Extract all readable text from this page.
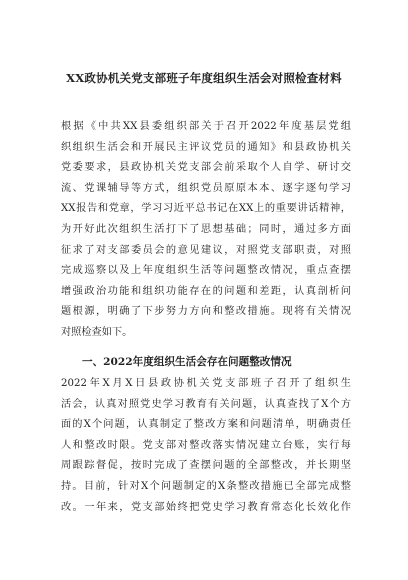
XX政协机关党支部班子年度组织生活会对照检查材料
根据《中共XX县委组织部关于召开2022年度基层党组
织组织生活会和开展民主评议党员的通知》和县政协机关
党委要求，县政协机关党支部会前采取个人自学、研讨交
流、党课辅导等方式，组织党员原原本本、逐字逐句学习
XX报告和党章，学习习近平总书记在XX上的重要讲话精神，
为开好此次组织生活打下了思想基础；同时，通过多方面
征求了对支部委员会的意见建议，对照党支部职责，对照
完成巡察以及上年度组织生活等问题整改情况，重点查摆
增强政治功能和组织功能存在的问题和差距，认真剖析问
题根源，明确了下步努力方向和整改措施。现将有关情况
对照检查如下。
一、2022年度组织生活会存在问题整改情况
2022年X月X日县政协机关党支部班子召开了组织生
活会，认真对照党史学习教育有关问题，认真查找了X个方
面的X个问题，认真制定了整改方案和问题清单，明确责任
人和整改时限。党支部对整改落实情况建立台账，实行每
周跟踪督促，按时完成了查摆问题的全部整改，并长期坚
持。目前，针对X个问题制定的X条整改措施已全部完成整
改。一年来，党支部始终把党史学习教育常态化长效化作
